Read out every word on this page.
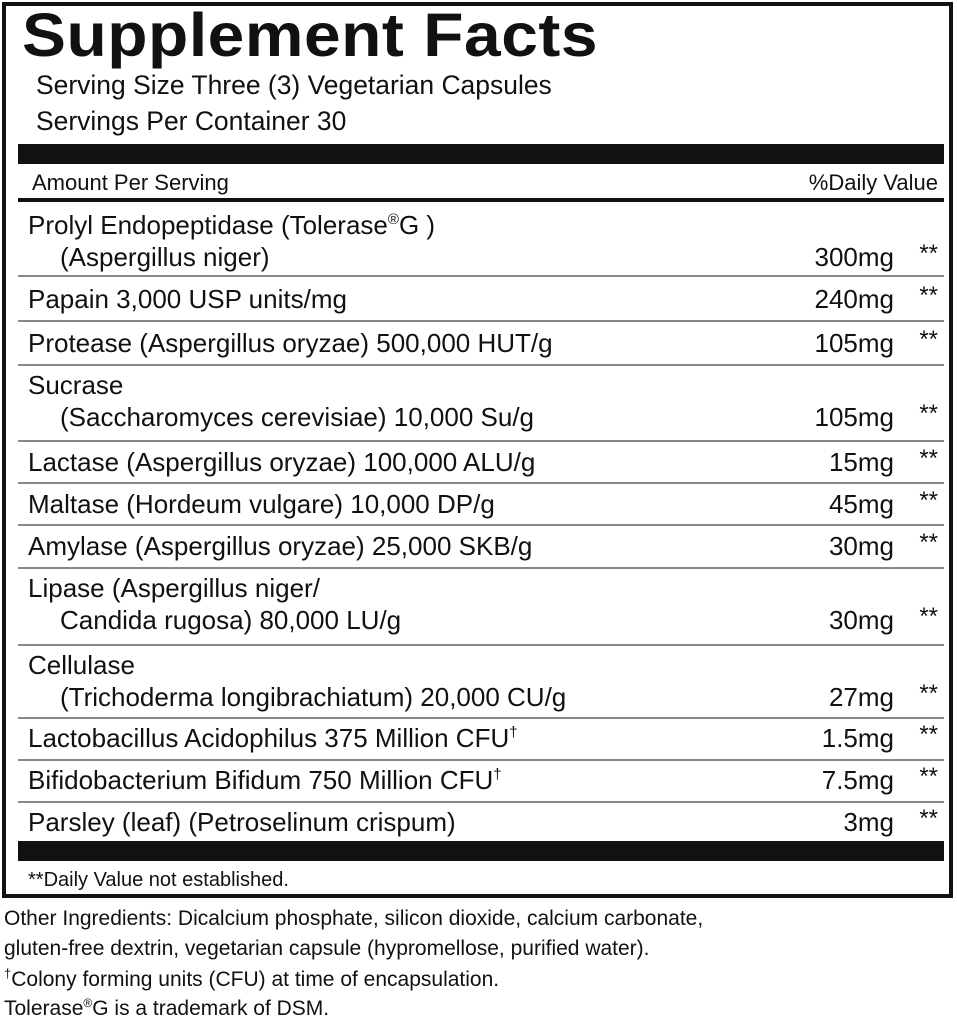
Supplement Facts
Serving Size Three (3) Vegetarian Capsules
Servings Per Container 30
Amount Per Serving	%Daily Value
Prolyl Endopeptidase (Tolerase®G )
(Aspergillus niger)	300mg **
Papain 3,000 USP units/mg	240mg **
Protease (Aspergillus oryzae) 500,000 HUT/g	105mg **
Sucrase
(Saccharomyces cerevisiae) 10,000 Su/g	105mg **
Lactase (Aspergillus oryzae) 100,000 ALU/g	15mg **
Maltase (Hordeum vulgare) 10,000 DP/g	45mg **
Amylase (Aspergillus oryzae) 25,000 SKB/g	30mg **
Lipase (Aspergillus niger/
Candida rugosa) 80,000 LU/g	30mg **
Cellulase
(Trichoderma longibrachiatum) 20,000 CU/g	27mg **
Lactobacillus Acidophilus 375 Million CFU†	1.5mg **
Bifidobacterium Bifidum 750 Million CFU†	7.5mg **
Parsley (leaf) (Petroselinum crispum)	3mg **
**Daily Value not established.
Other Ingredients: Dicalcium phosphate, silicon dioxide, calcium carbonate,
gluten-free dextrin, vegetarian capsule (hypromellose, purified water).
†Colony forming units (CFU) at time of encapsulation.
Tolerase®G is a trademark of DSM.
